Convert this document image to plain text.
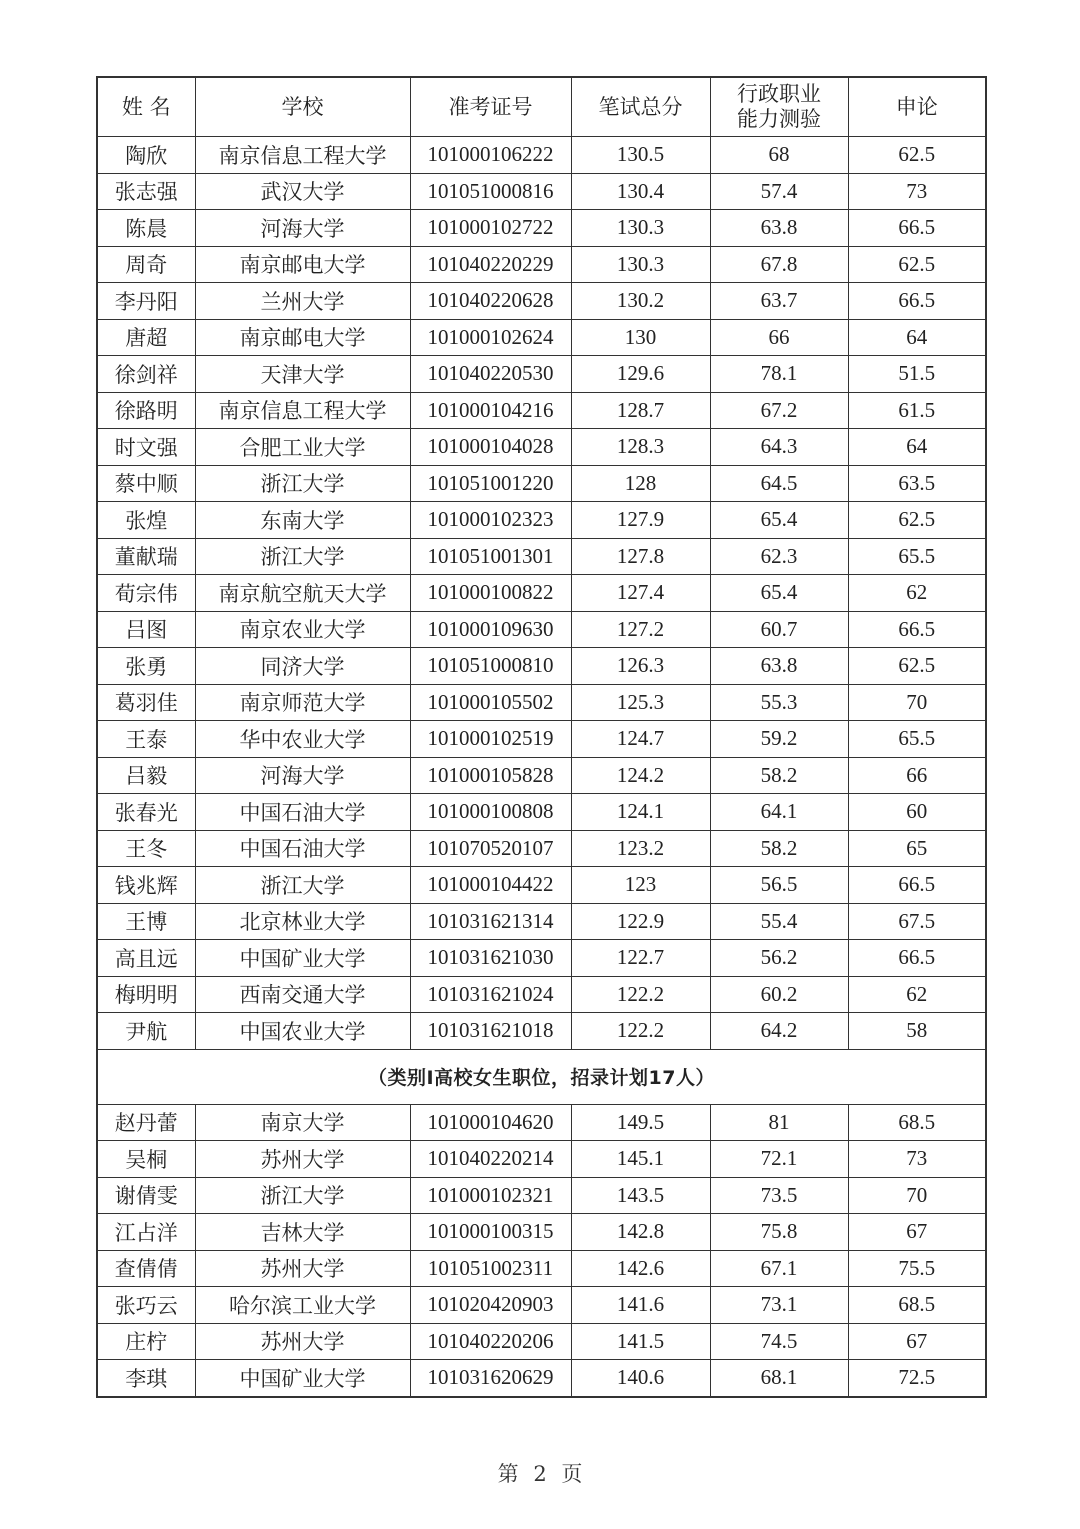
姓 名	学校	准考证号	笔试总分	行政职业能力测验	申论
陶欣	南京信息工程大学	101000106222	130.5	68	62.5
张志强	武汉大学	101051000816	130.4	57.4	73
陈晨	河海大学	101000102722	130.3	63.8	66.5
周奇	南京邮电大学	101040220229	130.3	67.8	62.5
李丹阳	兰州大学	101040220628	130.2	63.7	66.5
唐超	南京邮电大学	101000102624	130	66	64
徐剑祥	天津大学	101040220530	129.6	78.1	51.5
徐路明	南京信息工程大学	101000104216	128.7	67.2	61.5
时文强	合肥工业大学	101000104028	128.3	64.3	64
蔡中顺	浙江大学	101051001220	128	64.5	63.5
张煌	东南大学	101000102323	127.9	65.4	62.5
董献瑞	浙江大学	101051001301	127.8	62.3	65.5
荀宗伟	南京航空航天大学	101000100822	127.4	65.4	62
吕图	南京农业大学	101000109630	127.2	60.7	66.5
张勇	同济大学	101051000810	126.3	63.8	62.5
葛羽佳	南京师范大学	101000105502	125.3	55.3	70
王泰	华中农业大学	101000102519	124.7	59.2	65.5
吕毅	河海大学	101000105828	124.2	58.2	66
张春光	中国石油大学	101000100808	124.1	64.1	60
王冬	中国石油大学	101070520107	123.2	58.2	65
钱兆辉	浙江大学	101000104422	123	56.5	66.5
王博	北京林业大学	101031621314	122.9	55.4	67.5
高且远	中国矿业大学	101031621030	122.7	56.2	66.5
梅明明	西南交通大学	101031621024	122.2	60.2	62
尹航	中国农业大学	101031621018	122.2	64.2	58
（类别I高校女生职位，招录计划17人）					
赵丹蕾	南京大学	101000104620	149.5	81	68.5
吴桐	苏州大学	101040220214	145.1	72.1	73
谢倩雯	浙江大学	101000102321	143.5	73.5	70
江占洋	吉林大学	101000100315	142.8	75.8	67
查倩倩	苏州大学	101051002311	142.6	67.1	75.5
张巧云	哈尔滨工业大学	101020420903	141.6	73.1	68.5
庄柠	苏州大学	101040220206	141.5	74.5	67
李琪	中国矿业大学	101031620629	140.6	68.1	72.5
第 2 页
